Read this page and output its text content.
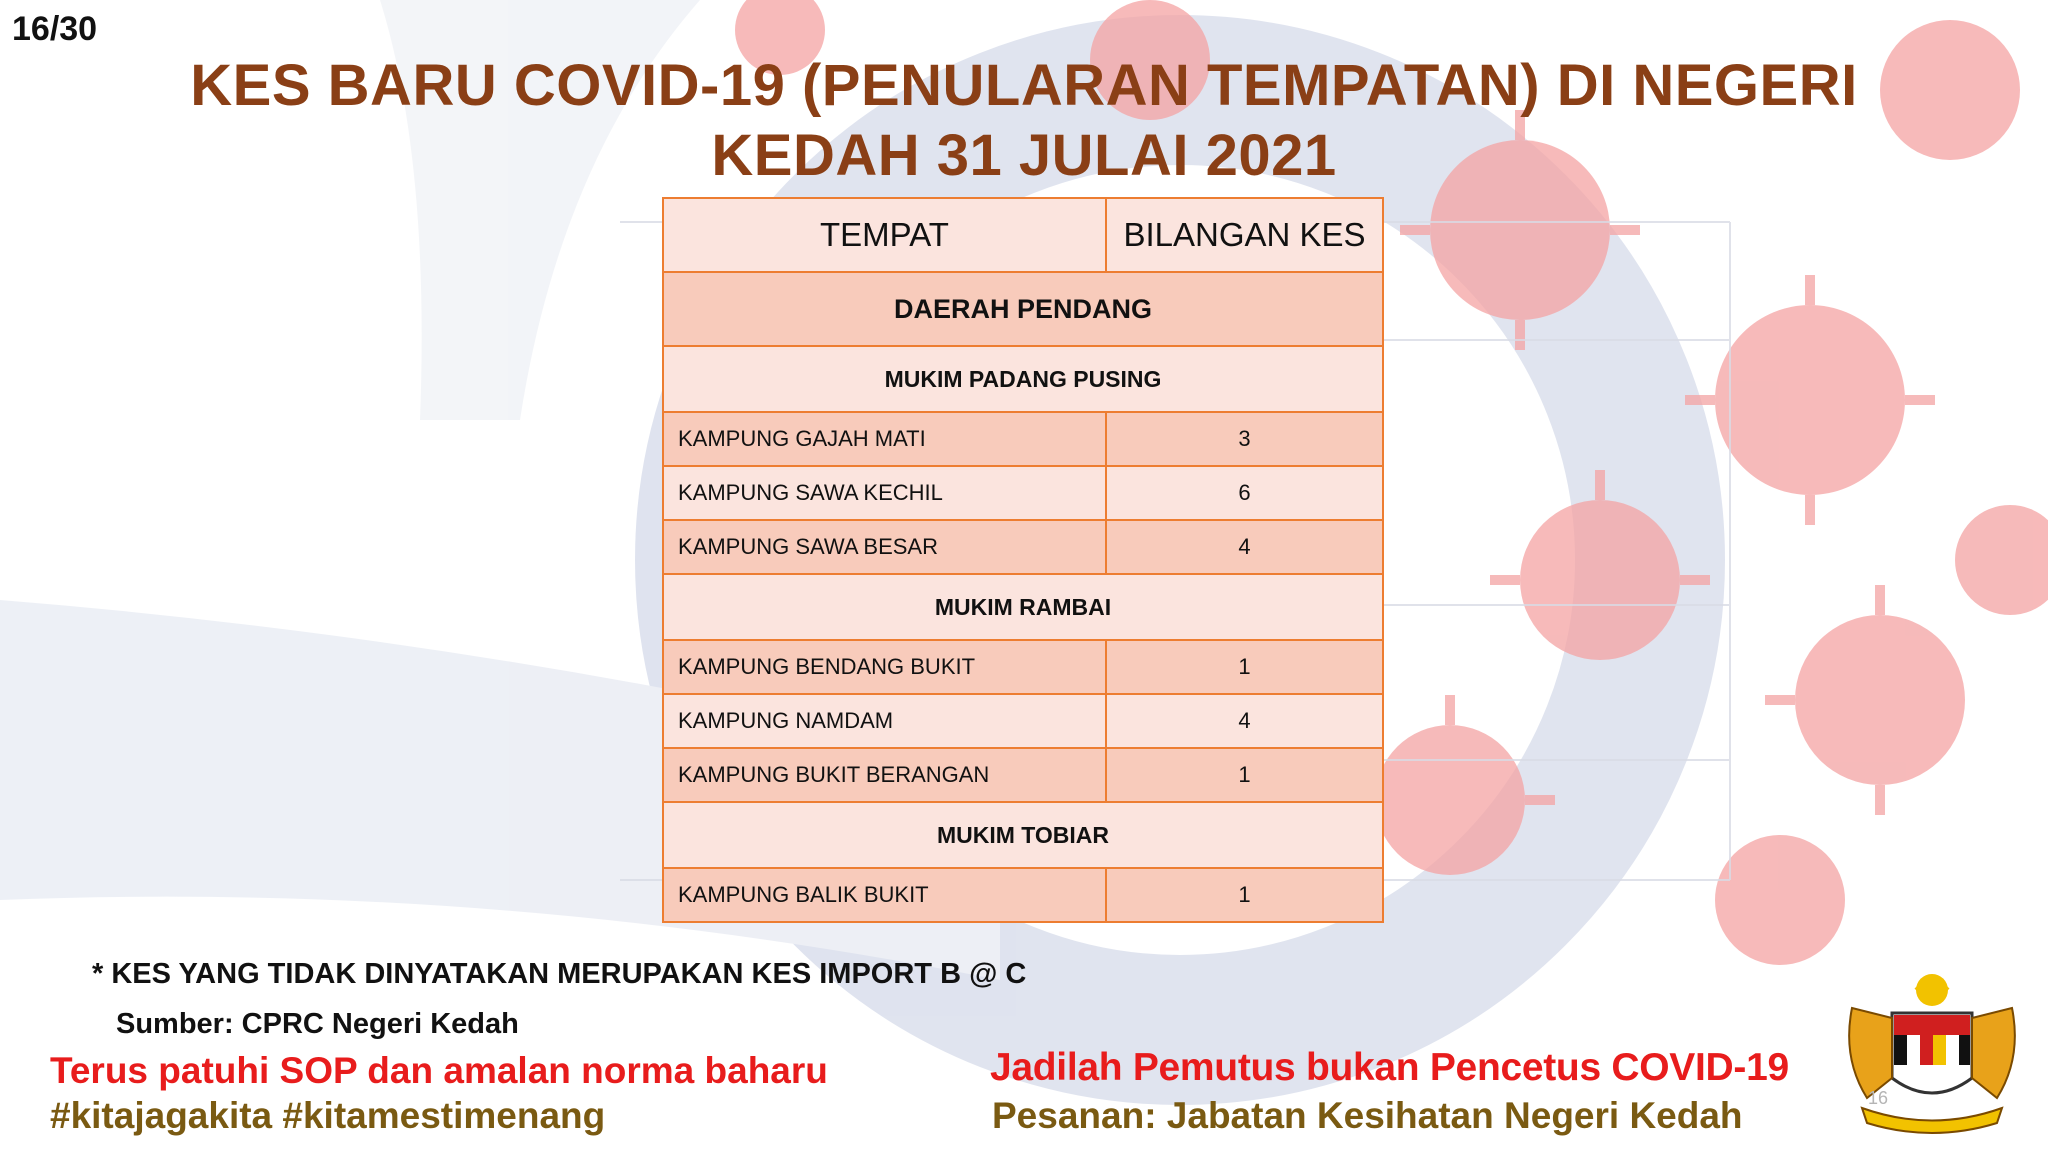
16/30
KES BARU COVID-19 (PENULARAN TEMPATAN) DI NEGERI
KEDAH 31 JULAI 2021
TEMPAT	BILANGAN KES
DAERAH PENDANG	
MUKIM PADANG PUSING	
KAMPUNG GAJAH MATI	3
KAMPUNG SAWA KECHIL	6
KAMPUNG SAWA BESAR	4
MUKIM RAMBAI	
KAMPUNG BENDANG BUKIT	1
KAMPUNG NAMDAM	4
KAMPUNG BUKIT BERANGAN	1
MUKIM TOBIAR	
KAMPUNG BALIK BUKIT	1
* KES YANG TIDAK DINYATAKAN MERUPAKAN KES IMPORT B @ C
Sumber: CPRC Negeri Kedah
Terus patuhi SOP dan amalan norma baharu
#kitajagakita #kitamestimenang
Jadilah Pemutus bukan Pencetus COVID-19
Pesanan: Jabatan Kesihatan Negeri Kedah	16
